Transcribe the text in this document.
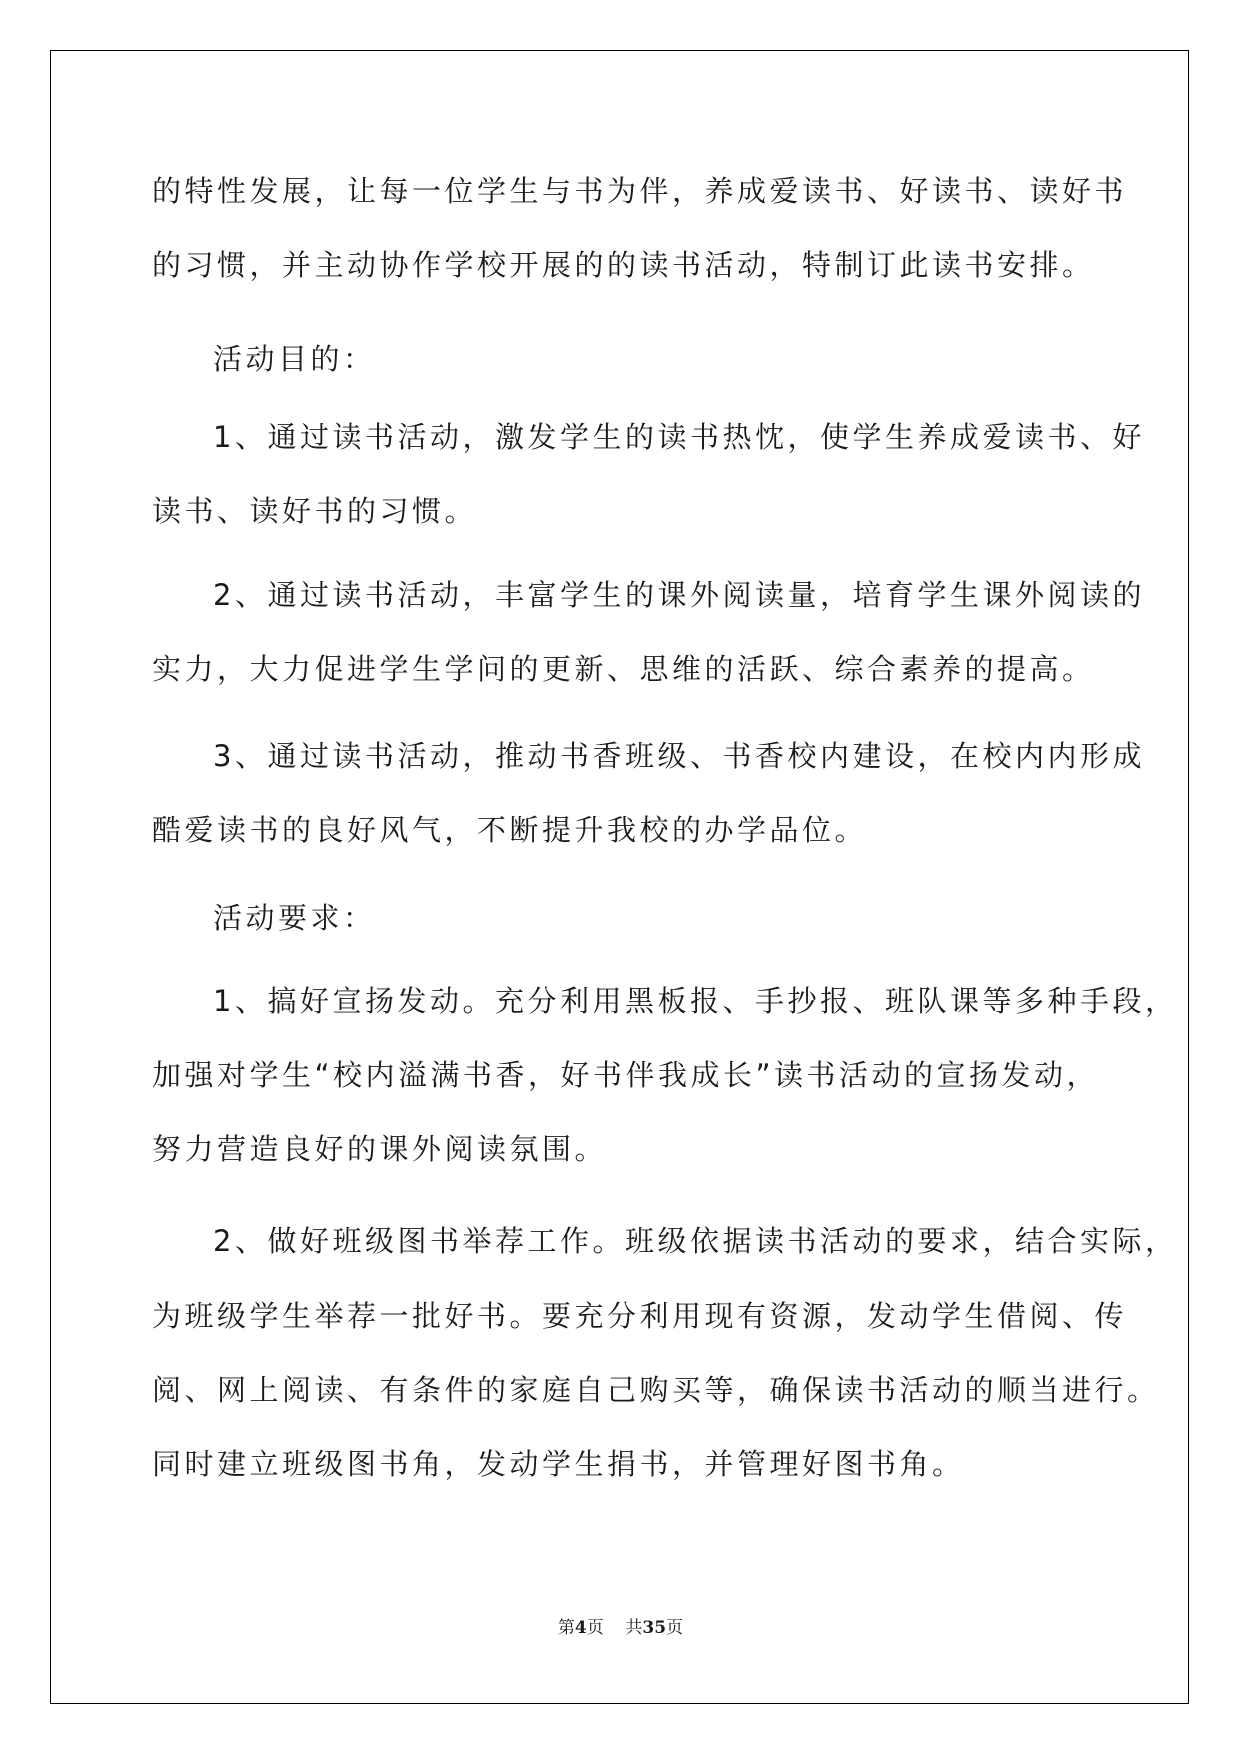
的特性发展，让每一位学生与书为伴，养成爱读书、好读书、读好书
的习惯，并主动协作学校开展的的读书活动，特制订此读书安排。
活动目的：
1、通过读书活动，激发学生的读书热忱，使学生养成爱读书、好
读书、读好书的习惯。
2、通过读书活动，丰富学生的课外阅读量，培育学生课外阅读的
实力，大力促进学生学问的更新、思维的活跃、综合素养的提高。
3、通过读书活动，推动书香班级、书香校内建设，在校内内形成
酷爱读书的良好风气，不断提升我校的办学品位。
活动要求：
1、搞好宣扬发动。充分利用黑板报、手抄报、班队课等多种手段，
加强对学生“校内溢满书香，好书伴我成长”读书活动的宣扬发动，
努力营造良好的课外阅读氛围。
2、做好班级图书举荐工作。班级依据读书活动的要求，结合实际，
为班级学生举荐一批好书。要充分利用现有资源，发动学生借阅、传
阅、网上阅读、有条件的家庭自己购买等，确保读书活动的顺当进行。
同时建立班级图书角，发动学生捐书，并管理好图书角。
第4页    共35页
